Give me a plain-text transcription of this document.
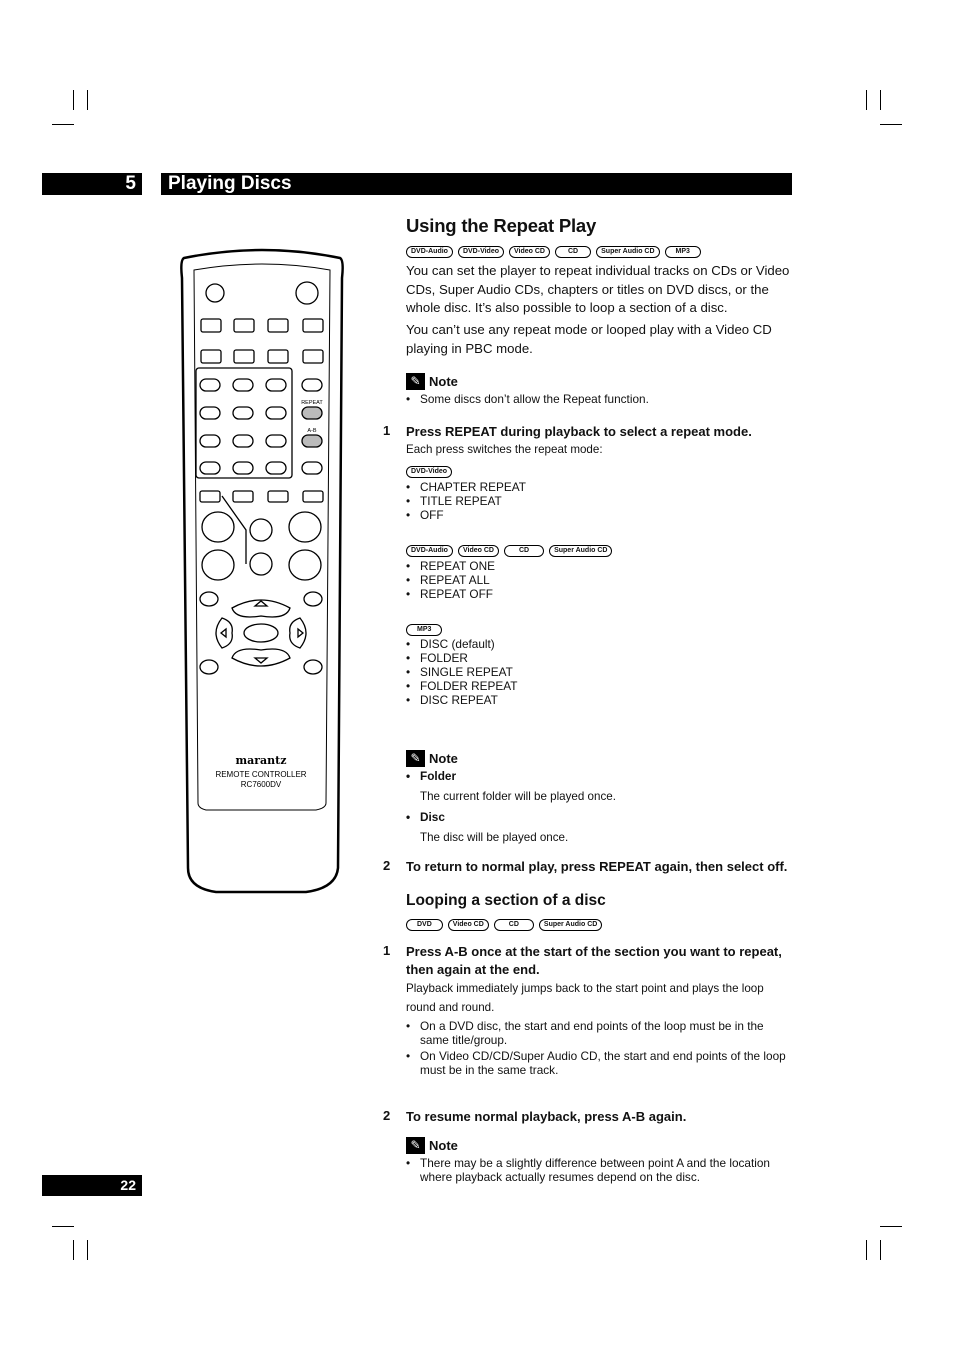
5	Playing Discs
REPEAT
A-B
marantz
REMOTE CONTROLLER
RC7600DV
Using the Repeat Play
DVD-Audio	DVD-Video	Video CD	CD	Super Audio CD	MP3
You can set the player to repeat individual tracks on CDs or Video CDs, Super Audio CDs, chapters or titles on DVD discs, or the whole disc. It’s also possible to loop a section of a disc.
You can’t use any repeat mode or looped play with a Video CD playing in PBC mode.
✎ Note
• Some discs don’t allow the Repeat function.
1 Press REPEAT during playback to select a repeat mode.
Each press switches the repeat mode:
DVD-Video
• CHAPTER REPEAT
• TITLE REPEAT
• OFF
DVD-Audio	Video CD	CD	Super Audio CD
• REPEAT ONE
• REPEAT ALL
• REPEAT OFF
MP3
• DISC (default)
• FOLDER
• SINGLE REPEAT
• FOLDER REPEAT
• DISC REPEAT
✎ Note
• Folder
The current folder will be played once.
• Disc
The disc will be played once.
2 To return to normal play, press REPEAT again, then select off.
Looping a section of a disc
DVD	Video CD	CD	Super Audio CD
1 Press A-B once at the start of the section you want to repeat,
then again at the end.
Playback immediately jumps back to the start point and plays the loop round and round.
• On a DVD disc, the start and end points of the loop must be in the same title/group.
• On Video CD/CD/Super Audio CD, the start and end points of the loop must be in the same track.
2 To resume normal playback, press A-B again.
✎ Note
• There may be a slightly difference between point A and the location where playback actually resumes depend on the disc.
22
